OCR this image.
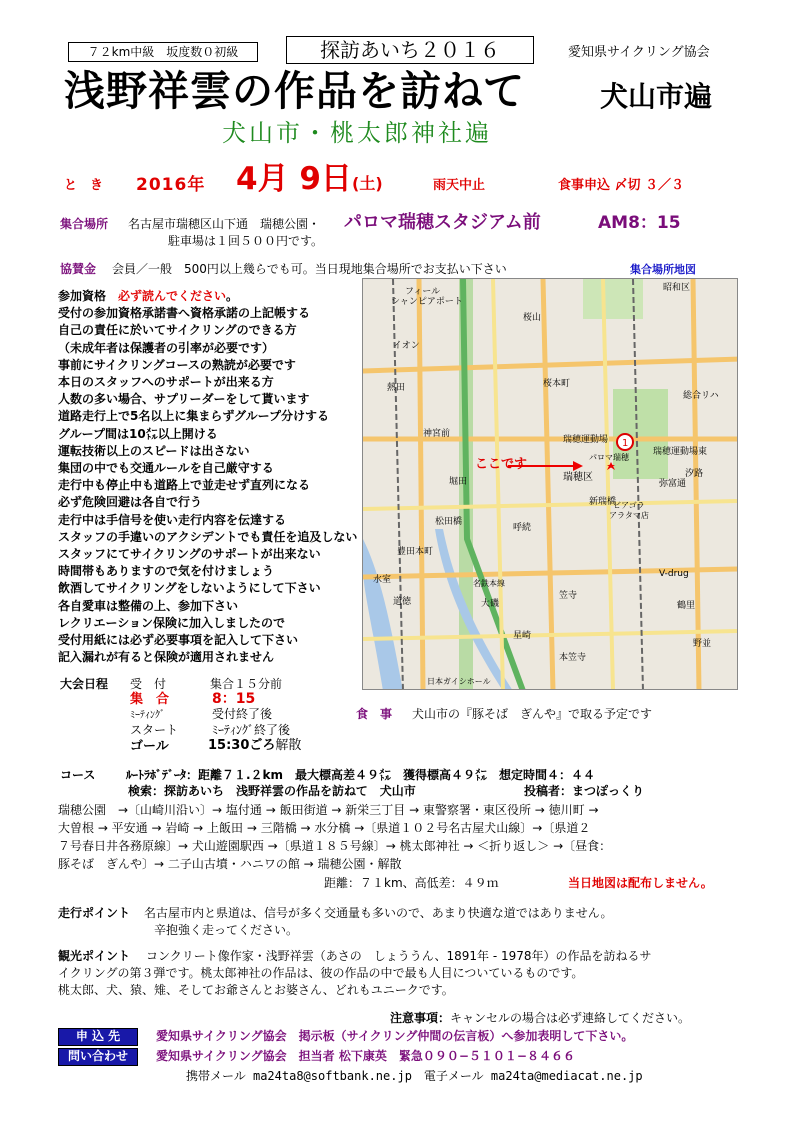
７２km中級　坂度数０初級	探訪あいち２０１６	愛知県サイクリング協会
浅野祥雲の作品を訪ねて	犬山市遍
犬山市・桃太郎神社遍
と　き 2016年 4月 9日 (土)	雨天中止	食事申込 〆切 ３／３
集合場所 名古屋市瑞穂区山下通　瑞穂公園・ パロマ瑞穂スタジアム前	AM8：15
駐車場は１回５００円です。
協賛金 会員／一般　500円以上幾らでも可。当日現地集合場所でお支払い下さい	集合場所地図
参加資格　 必ず読んでください。
受付の参加資格承諾書へ資格承諾の上記帳する
自己の責任に於いてサイクリングのできる方
（未成年者は保護者の引率が必要です）
事前にサイクリングコースの熟読が必要です
本日のスタッフへのサポートが出来る方
人数の多い場合、サプリーダーをして貰います
道路走行上で5名以上に集まらずグループ分けする
グループ間は10㍍以上開ける
運転技術以上のスピードは出さない
集団の中でも交通ルールを自己厳守する
走行中も停止中も道路上で並走せず直列になる
必ず危険回避は各自で行う
走行中は手信号を使い走行内容を伝達する
スタッフの手違いのアクシデントでも責任を追及しない
スタッフにてサイクリングのサポートが出来ない
時間帯もありますので気を付けましょう
飲酒してサイクリングをしないようにして下さい
各自愛車は整備の上、参加下さい
レクリエーション保険に加入しましたので
受付用紙には必ず必要事項を記入して下さい
記入漏れが有ると保険が適用されません
1
ここです
フィール
シャンピアポート
桜山
イオン
昭和区
瑞穂区
熱田
新瑞橋
桜本町
瑞穂運動場
瑞穂運動場東
パロマ瑞穂
総合リハ
汐路
弥富通
呼続
豊田本町
堀田
神宮前
松田橋
水室	名鉄本線
星崎
本笠寺
大磯
道徳
笠寺
アラタマ店
鶴里
野並
V-drug
日本ガイシホール
ビアゴラ
大会日程 受　付	集合１５分前
集　合	8：15
ﾐｰﾃｨﾝｸﾞ	受付終了後
スタート	ﾐｰﾃｨﾝｸﾞ終了後
ゴール	15:30ごろ解散
食　事 犬山市の『豚そば　ぎんや』で取る予定です
コース	ﾙｰﾄﾗﾎﾞﾃﾞｰﾀ：距離７１.２km　最大標高差４９㍍　獲得標高４９㍍　想定時間４：４４
検索：探訪あいち　浅野祥雲の作品を訪ねて　犬山市	投稿者：まつぽっくり
瑞穂公園　→〔山崎川沿い〕→ 塩付通 → 飯田街道 → 新栄三丁目 → 東警察署・東区役所 → 徳川町 →
大曽根 → 平安通 → 岩崎 → 上飯田 → 三階橋 → 水分橋 →〔県道１０２号名古屋犬山線〕→〔県道２
７号春日井各務原線〕→ 犬山遊園駅西 →〔県道１８５号線〕→ 桃太郎神社 → ＜折り返し＞ →〔昼食：
豚そば　ぎんや〕→ 二子山古墳・ハニワの館 → 瑞穂公園・解散
距離：７１km、高低差：４９ｍ	当日地図は配布しません。
走行ポイント 名古屋市内と県道は、信号が多く交通量も多いので、あまり快適な道ではありません。
辛抱強く走ってください。
観光ポイント コンクリート像作家・浅野祥雲（あさの　しょううん、1891年 - 1978年）の作品を訪ねるサ
イクリングの第３弾です。桃太郎神社の作品は、彼の作品の中で最も人目についているものです。
桃太郎、犬、猿、雉、そしてお爺さんとお婆さん、どれもユニークです。
注意事項：キャンセルの場合は必ず連絡してください。
申 込 先	愛知県サイクリング協会　掲示板（サイクリング仲間の伝言板）へ参加表明して下さい。
問い合わせ	愛知県サイクリング協会　担当者 松下康英　緊急０９０−５１０１−８４６６
携帯メール ma24ta8@softbank.ne.jp　電子メール ma24ta@mediacat.ne.jp
